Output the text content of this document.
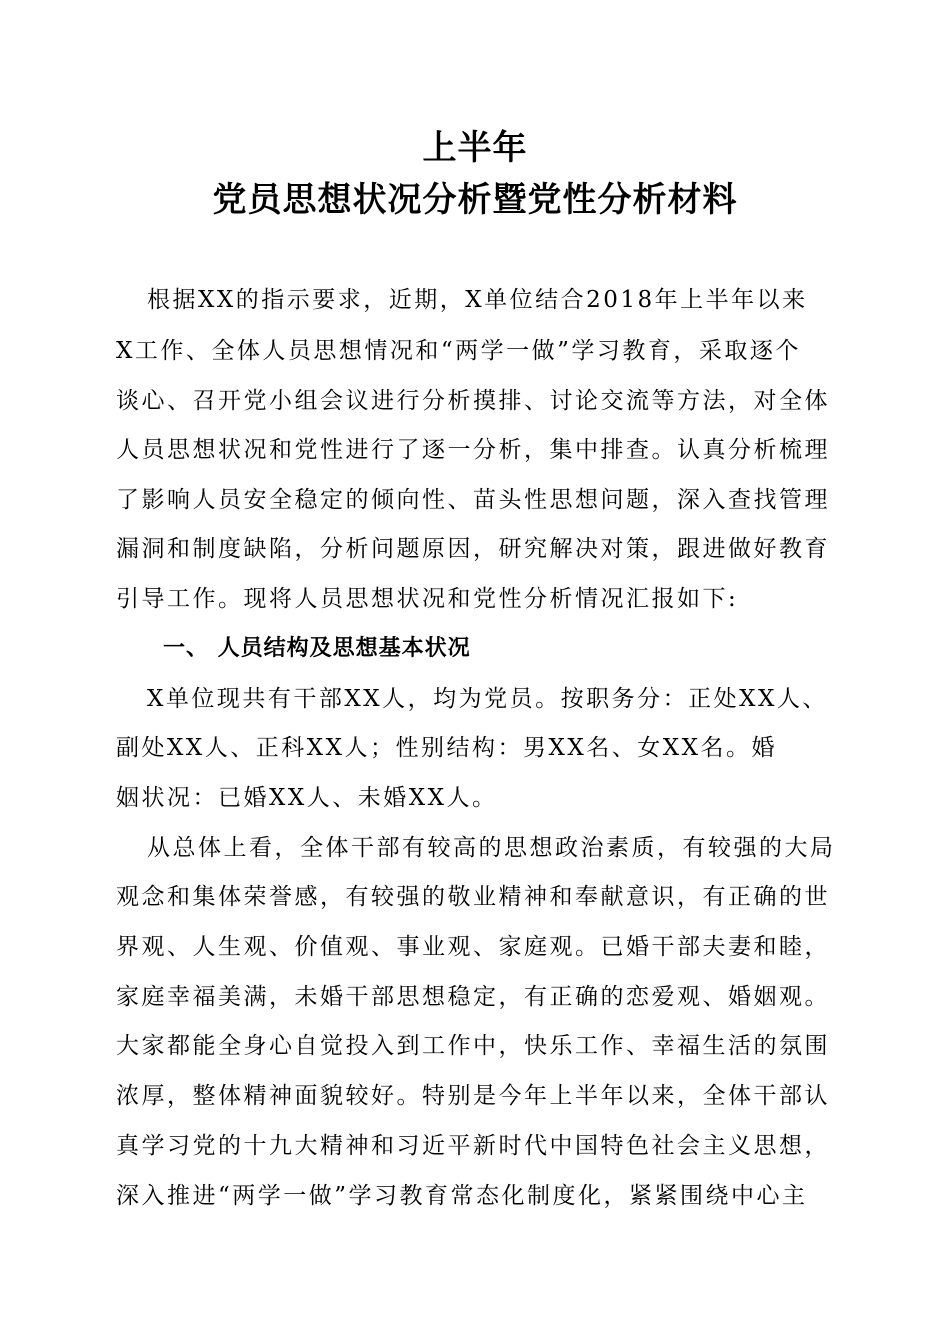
上半年
党员思想状况分析暨党性分析材料
根据XX的指示要求，近期，X单位结合2018年上半年以来
X工作、全体人员思想情况和“两学一做”学习教育，采取逐个
谈心、召开党小组会议进行分析摸排、讨论交流等方法，对全体
人员思想状况和党性进行了逐一分析，集中排查。认真分析梳理
了影响人员安全稳定的倾向性、苗头性思想问题，深入查找管理
漏洞和制度缺陷，分析问题原因，研究解决对策，跟进做好教育
引导工作。现将人员思想状况和党性分析情况汇报如下:
一、 人员结构及思想基本状况
X单位现共有干部XX人，均为党员。按职务分：正处XX人、
副处XX人、正科XX人；性别结构：男XX名、女XX名。婚
姻状况：已婚XX人、未婚XX人。
从总体上看，全体干部有较高的思想政治素质，有较强的大局
观念和集体荣誉感，有较强的敬业精神和奉献意识，有正确的世
界观、人生观、价值观、事业观、家庭观。已婚干部夫妻和睦，
家庭幸福美满，未婚干部思想稳定，有正确的恋爱观、婚姻观。
大家都能全身心自觉投入到工作中，快乐工作、幸福生活的氛围
浓厚，整体精神面貌较好。特别是今年上半年以来，全体干部认
真学习党的十九大精神和习近平新时代中国特色社会主义思想，
深入推进“两学一做”学习教育常态化制度化，紧紧围绕中心主
